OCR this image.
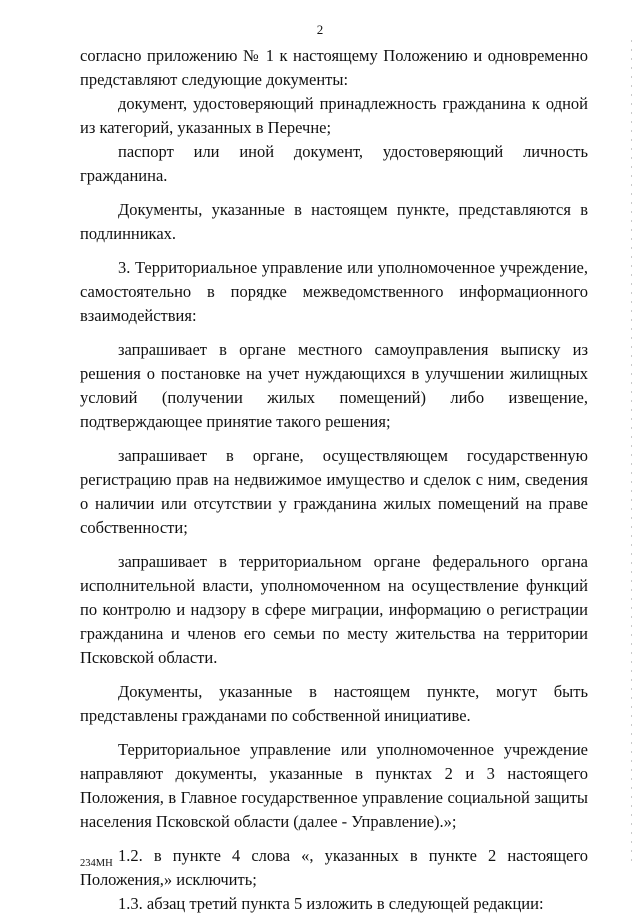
2

согласно приложению № 1 к настоящему Положению и одновременно представляют следующие документы:

документ, удостоверяющий принадлежность гражданина к одной из категорий, указанных в Перечне;

паспорт или иной документ, удостоверяющий личность гражданина.

Документы, указанные в настоящем пункте, представляются в подлинниках.

3. Территориальное управление или уполномоченное учреждение, самостоятельно в порядке межведомственного информационного взаимодействия:

запрашивает в органе местного самоуправления выписку из решения о постановке на учет нуждающихся в улучшении жилищных условий (получении жилых помещений) либо извещение, подтверждающее принятие такого решения;

запрашивает в органе, осуществляющем государственную регистрацию прав на недвижимое имущество и сделок с ним, сведения о наличии или отсутствии у гражданина жилых помещений на праве собственности;

запрашивает в территориальном органе федерального органа исполнительной власти, уполномоченном на осуществление функций по контролю и надзору в сфере миграции, информацию о регистрации гражданина и членов его семьи по месту жительства на территории Псковской области.

Документы, указанные в настоящем пункте, могут быть представлены гражданами по собственной инициативе.

Территориальное управление или уполномоченное учреждение направляют документы, указанные в пунктах 2 и 3 настоящего Положения, в Главное государственное управление социальной защиты населения Псковской области (далее - Управление).»;

1.2. в пункте 4 слова «, указанных в пункте 2 настоящего Положения,» исключить;

1.3. абзац третий пункта 5 изложить в следующей редакции:

234МН
